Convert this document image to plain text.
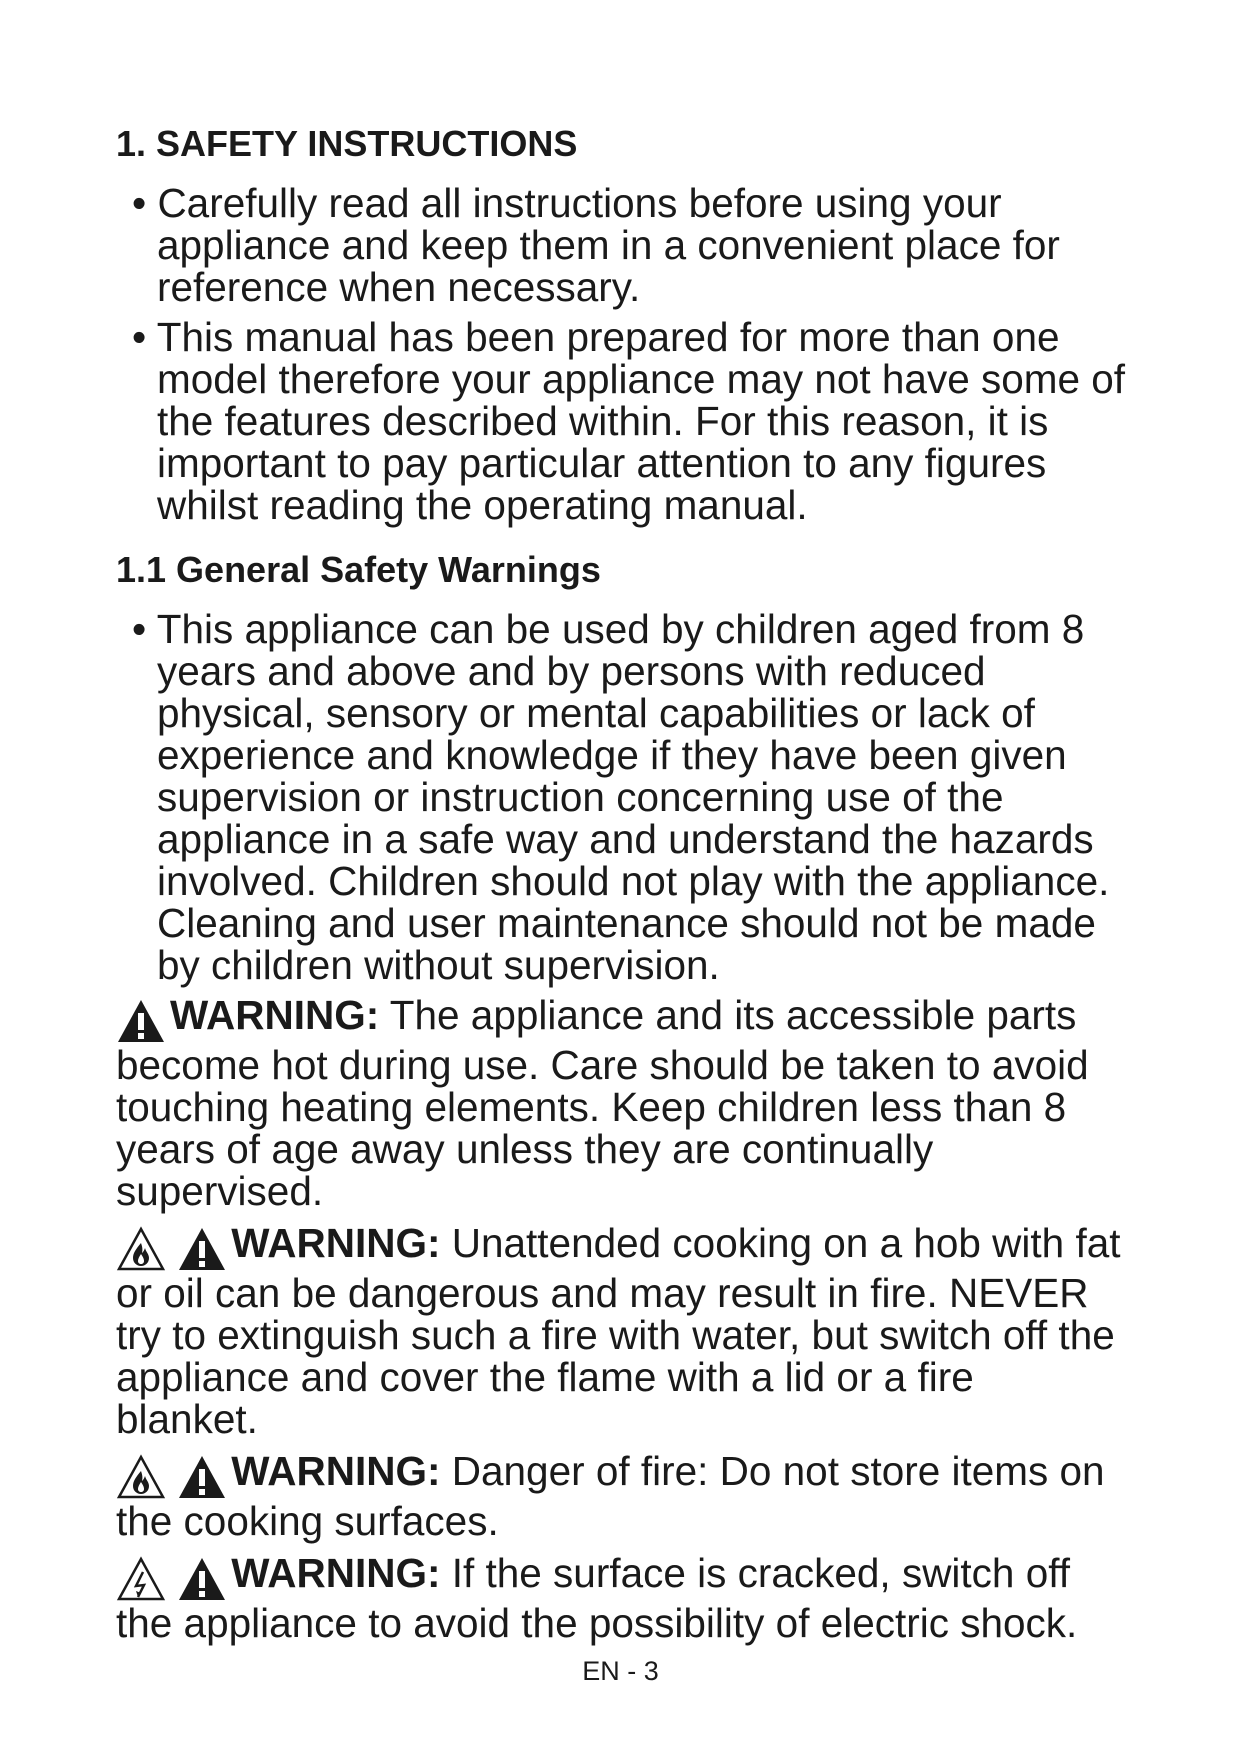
1. SAFETY INSTRUCTIONS

• Carefully read all instructions before using your appliance and keep them in a convenient place for reference when necessary.

• This manual has been prepared for more than one model therefore your appliance may not have some of the features described within. For this reason, it is important to pay particular attention to any figures whilst reading the operating manual.

1.1 General Safety Warnings

• This appliance can be used by children aged from 8 years and above and by persons with reduced physical, sensory or mental capabilities or lack of experience and knowledge if they have been given supervision or instruction concerning use of the appliance in a safe way and understand the hazards involved. Children should not play with the appliance. Cleaning and user maintenance should not be made by children without supervision.

WARNING: The appliance and its accessible parts become hot during use. Care should be taken to avoid touching heating elements. Keep children less than 8 years of age away unless they are continually supervised.

WARNING: Unattended cooking on a hob with fat or oil can be dangerous and may result in fire. NEVER try to extinguish such a fire with water, but switch off the appliance and cover the flame with a lid or a fire blanket.

WARNING: Danger of fire: Do not store items on the cooking surfaces.

WARNING: If the surface is cracked, switch off the appliance to avoid the possibility of electric shock.

EN - 3
